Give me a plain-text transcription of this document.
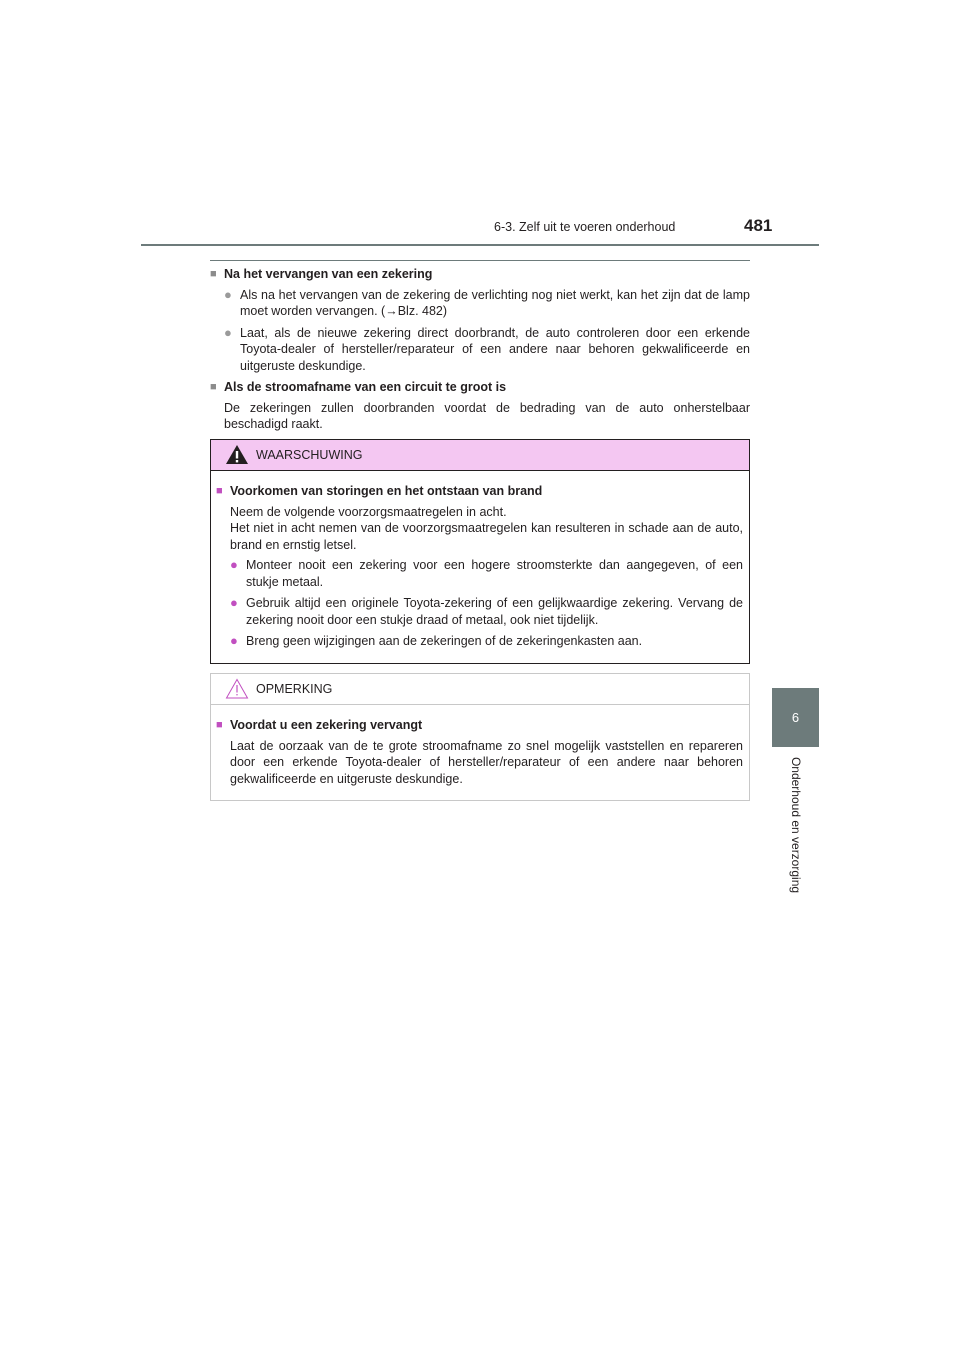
6-3. Zelf uit te voeren onderhoud	481
6
Onderhoud en verzorging
■ Na het vervangen van een zekering
● Als na het vervangen van de zekering de verlichting nog niet werkt, kan het zijn dat de lamp moet worden vervangen. (→Blz. 482)
● Laat, als de nieuwe zekering direct doorbrandt, de auto controleren door een erkende Toyota-dealer of hersteller/reparateur of een andere naar behoren gekwalificeerde en uitgeruste deskundige.
■ Als de stroomafname van een circuit te groot is
De zekeringen zullen doorbranden voordat de bedrading van de auto onherstelbaar beschadigd raakt.
WAARSCHUWING
■ Voorkomen van storingen en het ontstaan van brand
Neem de volgende voorzorgsmaatregelen in acht.
Het niet in acht nemen van de voorzorgsmaatregelen kan resulteren in schade aan de auto, brand en ernstig letsel.
● Monteer nooit een zekering voor een hogere stroomsterkte dan aangegeven, of een stukje metaal.
● Gebruik altijd een originele Toyota-zekering of een gelijkwaardige zekering. Vervang de zekering nooit door een stukje draad of metaal, ook niet tijdelijk.
● Breng geen wijzigingen aan de zekeringen of de zekeringenkasten aan.
OPMERKING
■ Voordat u een zekering vervangt
Laat de oorzaak van de te grote stroomafname zo snel mogelijk vaststellen en repareren door een erkende Toyota-dealer of hersteller/reparateur of een andere naar behoren gekwalificeerde en uitgeruste deskundige.
